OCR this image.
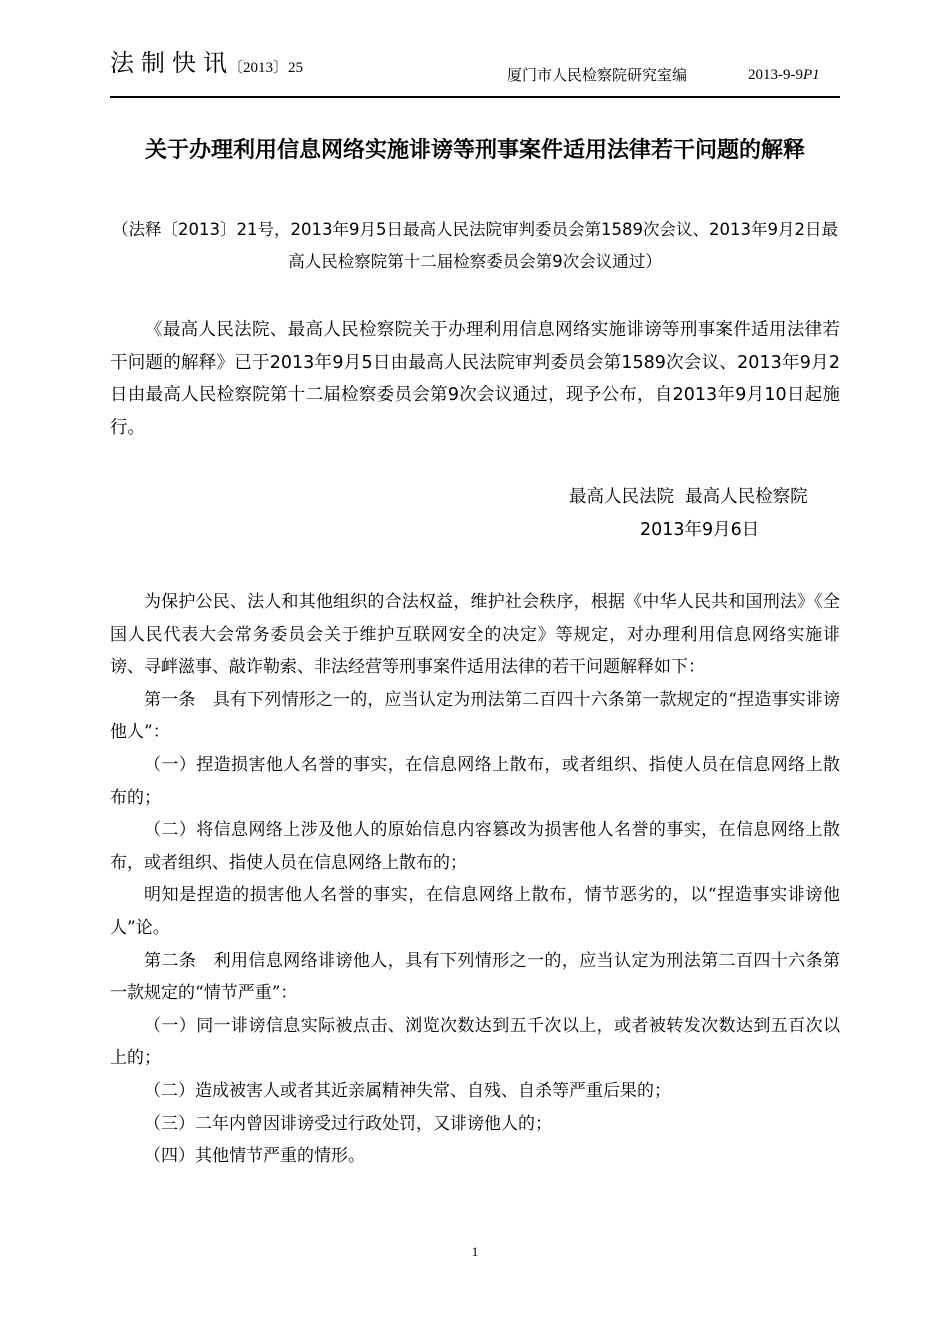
法制快讯
〔2013〕25	厦门市人民检察院研究室编	2013-9-9P1
关于办理利用信息网络实施诽谤等刑事案件适用法律若干问题的解释
（法释〔2013〕21号，2013年9月5日最高人民法院审判委员会第1589次会议、2013年9月2日最高人民检察院第十二届检察委员会第9次会议通过）
《最高人民法院、最高人民检察院关于办理利用信息网络实施诽谤等刑事案件适用法律若干问题的解释》已于2013年9月5日由最高人民法院审判委员会第1589次会议、2013年9月2日由最高人民检察院第十二届检察委员会第9次会议通过，现予公布，自2013年9月10日起施行。
最高人民法院  最高人民检察院
2013年9月6日

为保护公民、法人和其他组织的合法权益，维护社会秩序，根据《中华人民共和国刑法》《全国人民代表大会常务委员会关于维护互联网安全的决定》等规定，对办理利用信息网络实施诽谤、寻衅滋事、敲诈勒索、非法经营等刑事案件适用法律的若干问题解释如下：

第一条　具有下列情形之一的，应当认定为刑法第二百四十六条第一款规定的“捏造事实诽谤他人”：

（一）捏造损害他人名誉的事实，在信息网络上散布，或者组织、指使人员在信息网络上散布的；

（二）将信息网络上涉及他人的原始信息内容篡改为损害他人名誉的事实，在信息网络上散布，或者组织、指使人员在信息网络上散布的；

明知是捏造的损害他人名誉的事实，在信息网络上散布，情节恶劣的，以“捏造事实诽谤他人”论。

第二条　利用信息网络诽谤他人，具有下列情形之一的，应当认定为刑法第二百四十六条第一款规定的“情节严重”：

（一）同一诽谤信息实际被点击、浏览次数达到五千次以上，或者被转发次数达到五百次以上的；

（二）造成被害人或者其近亲属精神失常、自残、自杀等严重后果的；

（三）二年内曾因诽谤受过行政处罚，又诽谤他人的；

（四）其他情节严重的情形。

1
